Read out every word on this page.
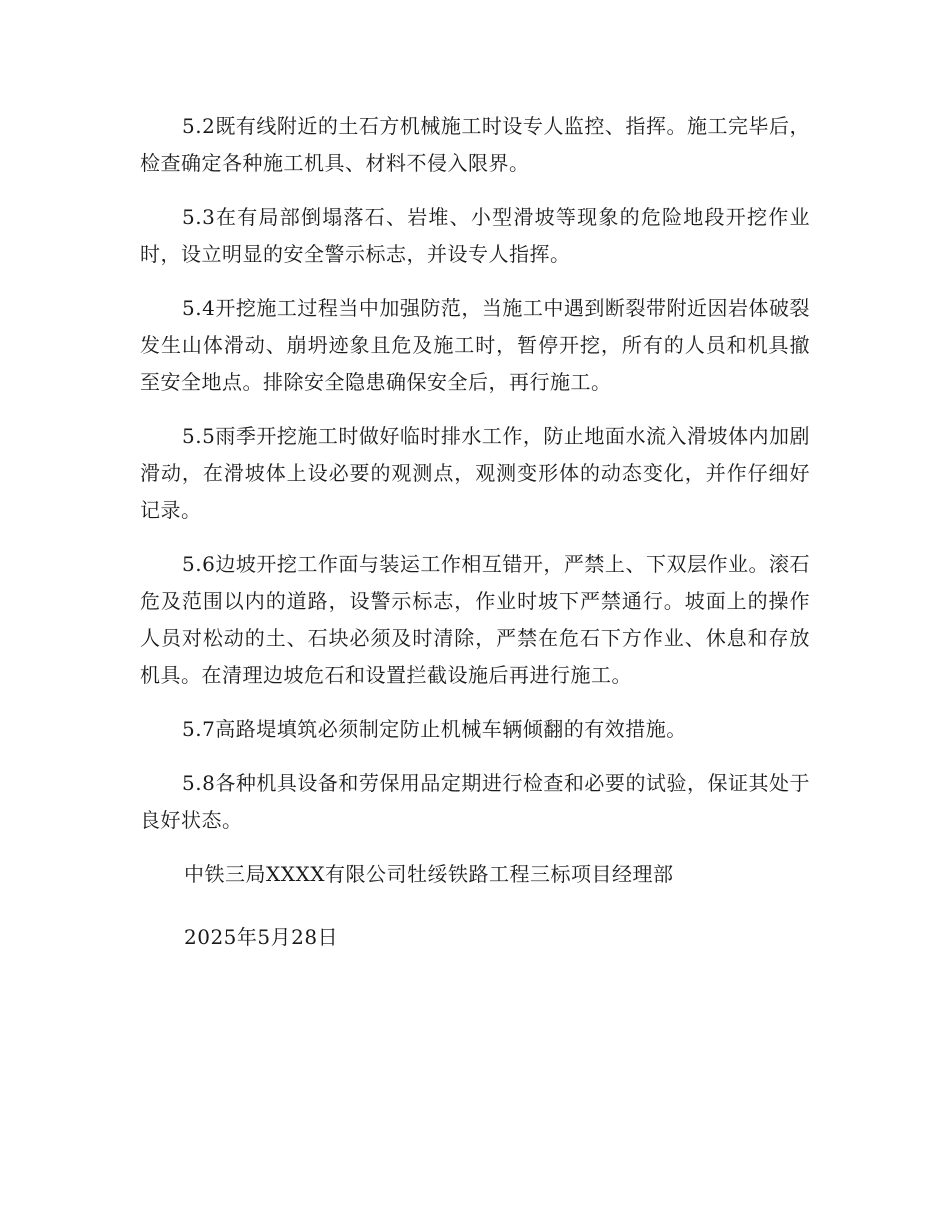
5.2既有线附近的土石方机械施工时设专人监控、指挥。施工完毕后，检查确定各种施工机具、材料不侵入限界。

5.3在有局部倒塌落石、岩堆、小型滑坡等现象的危险地段开挖作业时，设立明显的安全警示标志，并设专人指挥。

5.4开挖施工过程当中加强防范，当施工中遇到断裂带附近因岩体破裂发生山体滑动、崩坍迹象且危及施工时，暂停开挖，所有的人员和机具撤至安全地点。排除安全隐患确保安全后，再行施工。

5.5雨季开挖施工时做好临时排水工作，防止地面水流入滑坡体内加剧滑动，在滑坡体上设必要的观测点，观测变形体的动态变化，并作仔细好记录。

5.6边坡开挖工作面与装运工作相互错开，严禁上、下双层作业。滚石危及范围以内的道路，设警示标志，作业时坡下严禁通行。坡面上的操作人员对松动的土、石块必须及时清除，严禁在危石下方作业、休息和存放机具。在清理边坡危石和设置拦截设施后再进行施工。

5.7高路堤填筑必须制定防止机械车辆倾翻的有效措施。

5.8各种机具设备和劳保用品定期进行检查和必要的试验，保证其处于良好状态。

中铁三局XXXX有限公司牡绥铁路工程三标项目经理部

2025年5月28日
